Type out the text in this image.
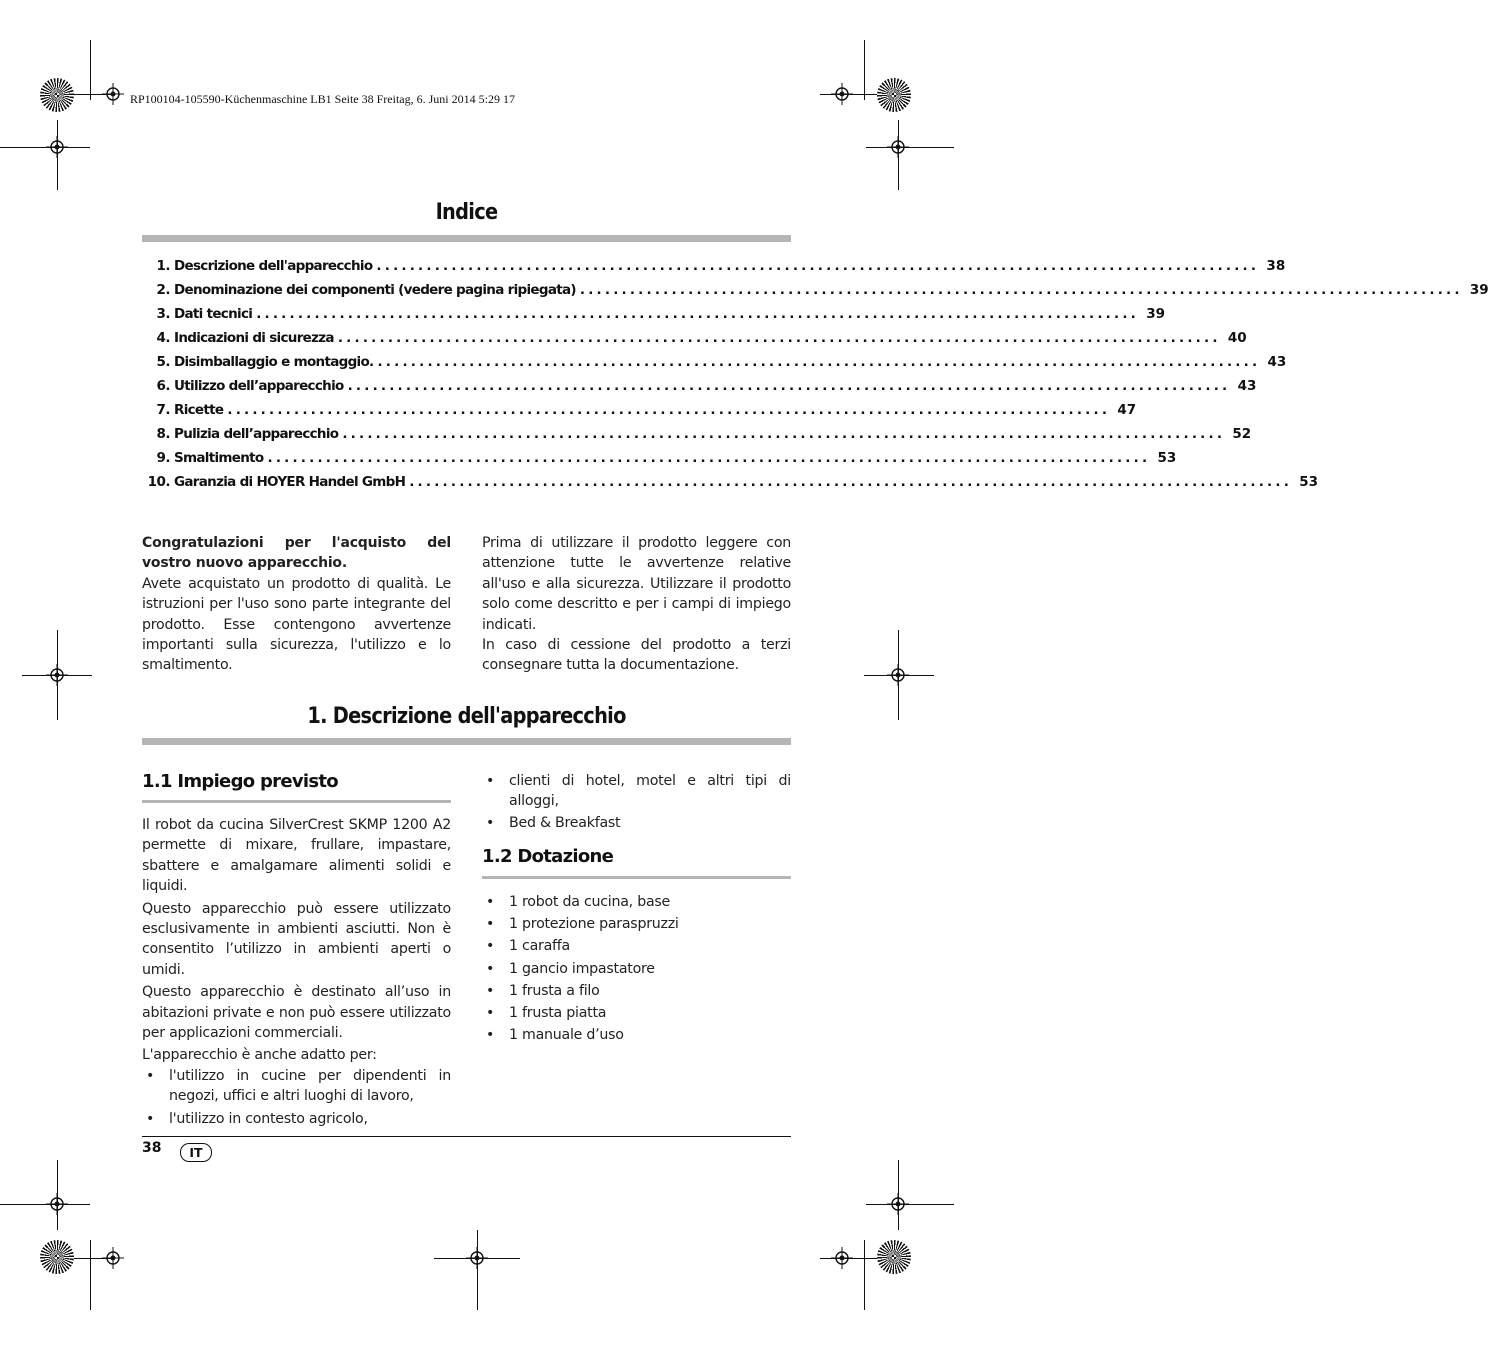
RP100104-105590-Küchenmaschine LB1 Seite 38 Freitag, 6. Juni 2014 5:29 17
Indice
1. Descrizione dell'apparecchio .......................................................................................................... 38
2. Denominazione dei componenti (vedere pagina ripiegata) .......................................................................................................... 39
3. Dati tecnici .......................................................................................................... 39
4. Indicazioni di sicurezza .......................................................................................................... 40
5. Disimballaggio e montaggio. .......................................................................................................... 43
6. Utilizzo dell’apparecchio .......................................................................................................... 43
7. Ricette .......................................................................................................... 47
8. Pulizia dell’apparecchio .......................................................................................................... 52
9. Smaltimento .......................................................................................................... 53
10. Garanzia di HOYER Handel GmbH .......................................................................................................... 53
Congratulazioni per l'acquisto del vostro nuovo apparecchio.
Avete acquistato un prodotto di qualità. Le istruzioni per l'uso sono parte integrante del prodotto. Esse contengono avvertenze importanti sulla sicurezza, l'utilizzo e lo smaltimento.
Prima di utilizzare il prodotto leggere con attenzione tutte le avvertenze relative all'uso e alla sicurezza. Utilizzare il prodotto solo come descritto e per i campi di impiego indicati.
In caso di cessione del prodotto a terzi consegnare tutta la documentazione.
1. Descrizione dell'apparecchio
1.1 Impiego previsto
Il robot da cucina SilverCrest SKMP 1200 A2 permette di mixare, frullare, impastare, sbattere e amalgamare alimenti solidi e liquidi.
Questo apparecchio può essere utilizzato esclusivamente in ambienti asciutti. Non è consentito l’utilizzo in ambienti aperti o umidi.
Questo apparecchio è destinato all’uso in abitazioni private e non può essere utilizzato per applicazioni commerciali.
L'apparecchio è anche adatto per:
• l'utilizzo in cucine per dipendenti in negozi, uffici e altri luoghi di lavoro,
• l'utilizzo in contesto agricolo,
• clienti di hotel, motel e altri tipi di alloggi,
• Bed & Breakfast
1.2 Dotazione
• 1 robot da cucina, base
• 1 protezione paraspruzzi
• 1 caraffa
• 1 gancio impastatore
• 1 frusta a filo
• 1 frusta piatta
• 1 manuale d’uso
38	IT
